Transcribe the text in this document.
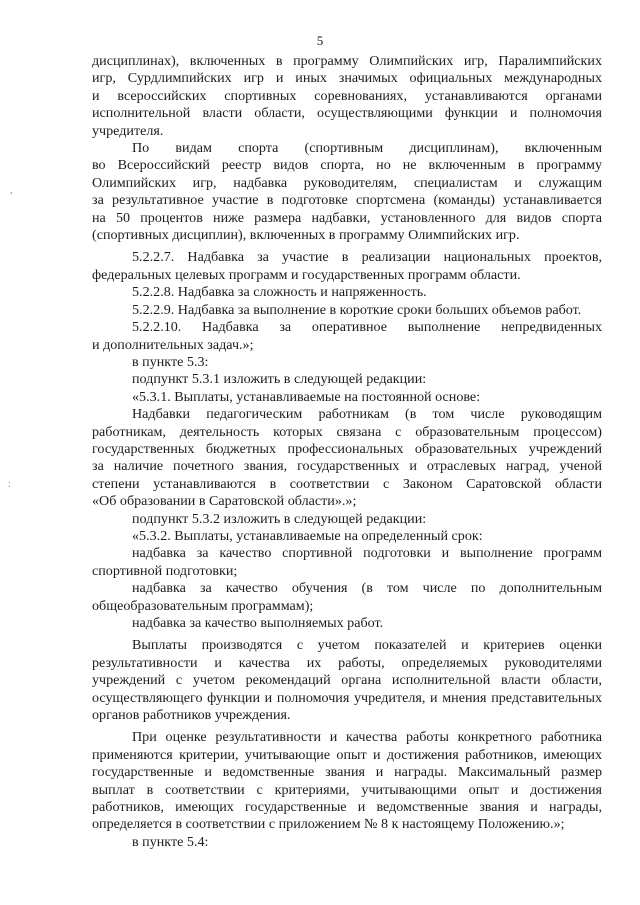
5
дисциплинах), включенных в программу Олимпийских игр, Паралимпийских
игр, Сурдлимпийских игр и иных значимых официальных международных
и всероссийских спортивных соревнованиях, устанавливаются органами
исполнительной власти области, осуществляющими функции и полномочия
учредителя.
По видам спорта (спортивным дисциплинам), включенным
во Всероссийский реестр видов спорта, но не включенным в программу
Олимпийских игр, надбавка руководителям, специалистам и служащим
за результативное участие в подготовке спортсмена (команды) устанавливается
на 50 процентов ниже размера надбавки, установленного для видов спорта
(спортивных дисциплин), включенных в программу Олимпийских игр.
5.2.2.7. Надбавка за участие в реализации национальных проектов,
федеральных целевых программ и государственных программ области.
5.2.2.8. Надбавка за сложность и напряженность.
5.2.2.9. Надбавка за выполнение в короткие сроки больших объемов работ.
5.2.2.10. Надбавка за оперативное выполнение непредвиденных
и дополнительных задач.»;
в пункте 5.3:
подпункт 5.3.1 изложить в следующей редакции:
«5.3.1. Выплаты, устанавливаемые на постоянной основе:
Надбавки педагогическим работникам (в том числе руководящим
работникам, деятельность которых связана с образовательным процессом)
государственных бюджетных профессиональных образовательных учреждений
за наличие почетного звания, государственных и отраслевых наград, ученой
степени устанавливаются в соответствии с Законом Саратовской области
«Об образовании в Саратовской области».»;
подпункт 5.3.2 изложить в следующей редакции:
«5.3.2. Выплаты, устанавливаемые на определенный срок:
надбавка за качество спортивной подготовки и выполнение программ
спортивной подготовки;
надбавка за качество обучения (в том числе по дополнительным
общеобразовательным программам);
надбавка за качество выполняемых работ.
Выплаты производятся с учетом показателей и критериев оценки
результативности и качества их работы, определяемых руководителями
учреждений с учетом рекомендаций органа исполнительной власти области,
осуществляющего функции и полномочия учредителя, и мнения представительных
органов работников учреждения.
При оценке результативности и качества работы конкретного работника
применяются критерии, учитывающие опыт и достижения работников, имеющих
государственные и ведомственные звания и награды. Максимальный размер
выплат в соответствии с критериями, учитывающими опыт и достижения
работников, имеющих государственные и ведомственные звания и награды,
определяется в соответствии с приложением № 8 к настоящему Положению.»;
в пункте 5.4:
,
:
